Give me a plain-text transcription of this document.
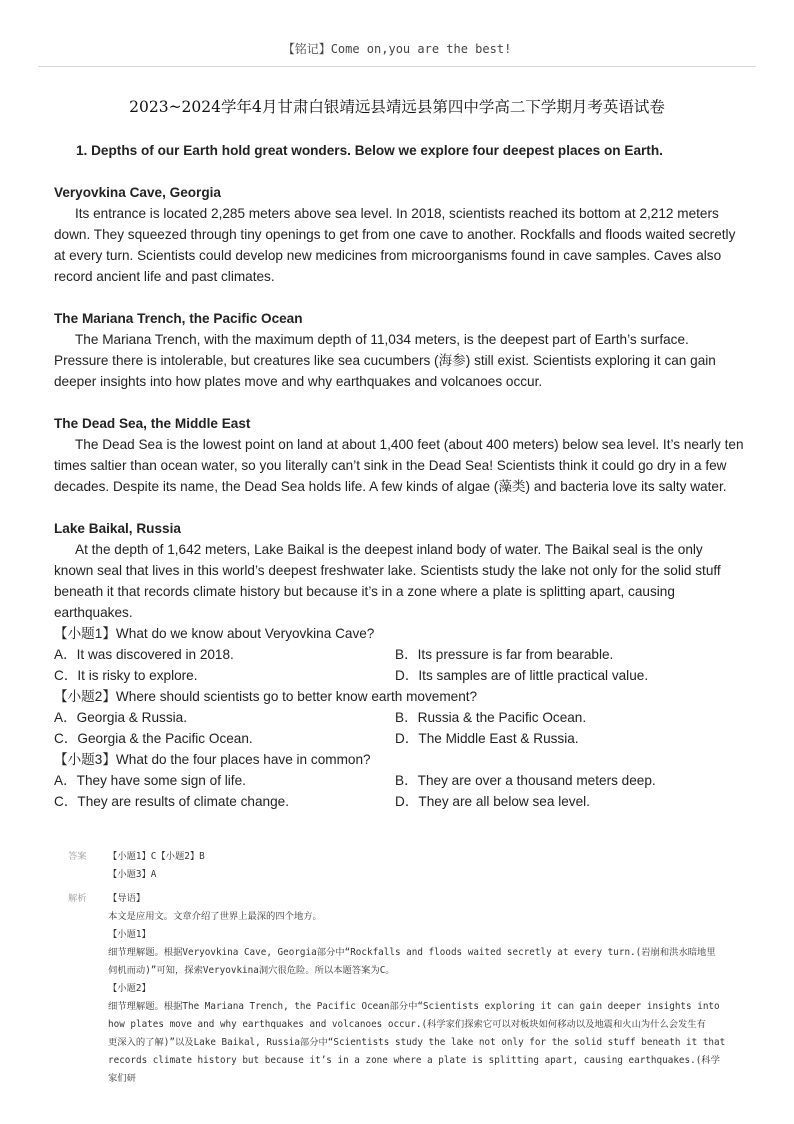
【铭记】Come on,you are the best!
2023~2024学年4月甘肃白银靖远县靖远县第四中学高二下学期月考英语试卷
1. Depths of our Earth hold great wonders. Below we explore four deepest places on Earth.
Veryovkina Cave, Georgia
Its entrance is located 2,285 meters above sea level. In 2018, scientists reached its bottom at 2,212 meters down. They squeezed through tiny openings to get from one cave to another. Rockfalls and floods waited secretly at every turn. Scientists could develop new medicines from microorganisms found in cave samples. Caves also record ancient life and past climates.
The Mariana Trench, the Pacific Ocean
The Mariana Trench, with the maximum depth of 11,034 meters, is the deepest part of Earth’s surface. Pressure there is intolerable, but creatures like sea cucumbers (海参) still exist. Scientists exploring it can gain deeper insights into how plates move and why earthquakes and volcanoes occur.
The Dead Sea, the Middle East
The Dead Sea is the lowest point on land at about 1,400 feet (about 400 meters) below sea level. It’s nearly ten times saltier than ocean water, so you literally can’t sink in the Dead Sea! Scientists think it could go dry in a few decades. Despite its name, the Dead Sea holds life. A few kinds of algae (藻类) and bacteria love its salty water.
Lake Baikal, Russia
At the depth of 1,642 meters, Lake Baikal is the deepest inland body of water. The Baikal seal is the only known seal that lives in this world’s deepest freshwater lake. Scientists study the lake not only for the solid stuff beneath it that records climate history but because it’s in a zone where a plate is splitting apart, causing earthquakes.
【小题1】What do we know about Veryovkina Cave?
A．It was discovered in 2018.	B．Its pressure is far from bearable.
C．It is risky to explore.	D．Its samples are of little practical value.
【小题2】Where should scientists go to better know earth movement?
A．Georgia & Russia.	B．Russia & the Pacific Ocean.
C．Georgia & the Pacific Ocean.	D．The Middle East & Russia.
【小题3】What do the four places have in common?
A．They have some sign of life.	B．They are over a thousand meters deep.
C．They are results of climate change.	D．They are all below sea level.
答案	【小题1】C【小题2】B
【小题3】A
解析	【导语】
本文是应用文。文章介绍了世界上最深的四个地方。
【小题1】
细节理解题。根据Veryovkina Cave, Georgia部分中“Rockfalls and floods waited secretly at every turn.(岩崩和洪水暗地里
伺机而动)”可知，探索Veryovkina洞穴很危险。所以本题答案为C。
【小题2】
细节理解题。根据The Mariana Trench, the Pacific Ocean部分中“Scientists exploring it can gain deeper insights into
how plates move and why earthquakes and volcanoes occur.(科学家们探索它可以对板块如何移动以及地震和火山为什么会发生有
更深入的了解)”以及Lake Baikal, Russia部分中“Scientists study the lake not only for the solid stuff beneath it that
records climate history but because it’s in a zone where a plate is splitting apart, causing earthquakes.(科学家们研
